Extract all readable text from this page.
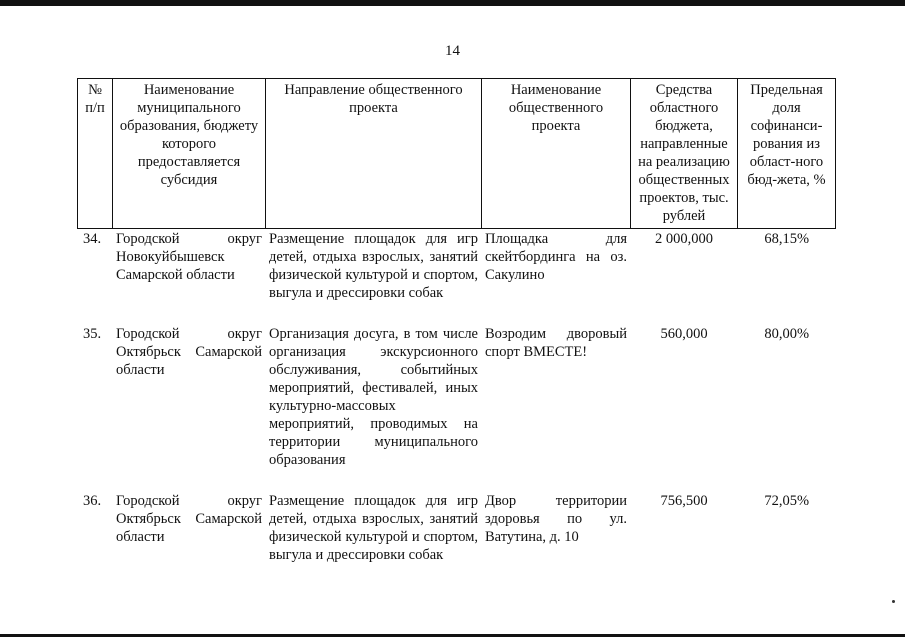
14
№ п/п	Наименование муниципального образования, бюджету которого предоставляется субсидия	Направление общественного проекта	Наименование общественного проекта	Средства областного бюджета, направленные на реализацию общественных проектов, тыс. рублей	Предельная доля софинанси-рования из област-ного бюд-жета, %
34.	Городской округ Новокуйбышевск Самарской области	Размещение площадок для игр детей, отдыха взрослых, занятий физической культурой и спортом, выгула и дрессировки собак	Площадка для скейтбординга на оз. Сакулино	2 000,000	68,15%
35.	Городской округ Октябрьск Самарской области	Организация досуга, в том числе организация экскурсионного обслуживания, событийных мероприятий, фестивалей, иных культурно-массовых мероприятий, проводимых на территории муниципального образования	Возродим дворовый спорт ВМЕСТЕ!	560,000	80,00%
36.	Городской округ Октябрьск Самарской области	Размещение площадок для игр детей, отдыха взрослых, занятий физической культурой и спортом, выгула и дрессировки собак	Двор территории здоровья по ул. Ватутина, д. 10	756,500	72,05%
